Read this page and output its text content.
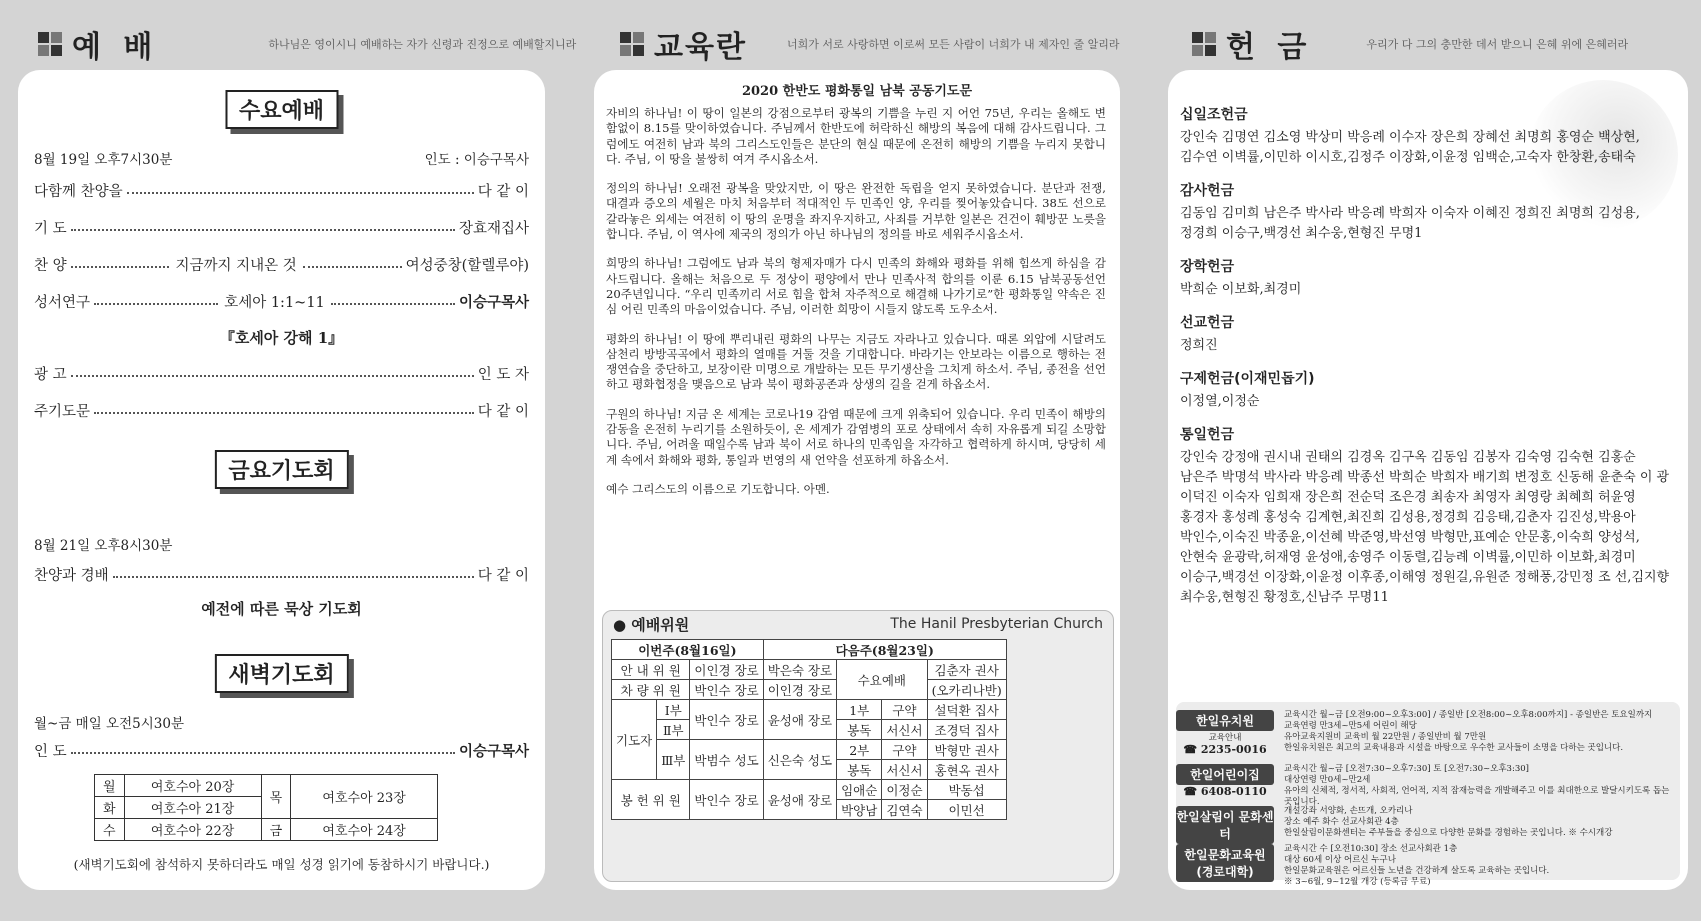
예 배	하나님은 영이시니 예배하는 자가 신령과 진정으로 예배할지니라	교육란	너희가 서로 사랑하면 이로써 모든 사람이 너희가 내 제자인 줄 알리라	헌 금	우리가 다 그의 충만한 데서 받으니 은혜 위에 은혜러라
수요예배
8월 19일 오후7시30분	인도 : 이승구목사
다함께 찬양을	다 같 이
기 도	장효재집사
찬 양	지금까지 지내온 것	여성중창(할렐루야)
성서연구	호세아 1:1~11	이승구목사
『호세아 강해 1』
광 고	인 도 자
주기도문	다 같 이
금요기도회
8월 21일 오후8시30분
찬양과 경배	다 같 이
예전에 따른 묵상 기도회
새벽기도회
월~금 매일 오전5시30분
인 도	이승구목사
월	여호수아 20장	목	여호수아 23장
화	여호수아 21장		
수	여호수아 22장	금	여호수아 24장
(새벽기도회에 참석하지 못하더라도 매일 성경 읽기에 동참하시기 바랍니다.)
2020 한반도 평화통일 남북 공동기도문

자비의 하나님! 이 땅이 일본의 강점으로부터 광복의 기쁨을 누린 지 어언 75년, 우리는 올해도 변함없이 8.15를 맞이하였습니다. 주님께서 한반도에 허락하신 해방의 복음에 대해 감사드립니다. 그럼에도 여전히 남과 북의 그리스도인들은 분단의 현실 때문에 온전히 해방의 기쁨을 누리지 못합니다. 주님, 이 땅을 불쌍히 여겨 주시옵소서.

정의의 하나님! 오래전 광복을 맞았지만, 이 땅은 완전한 독립을 얻지 못하였습니다. 분단과 전쟁, 대결과 증오의 세월은 마치 처음부터 적대적인 두 민족인 양, 우리를 찢어놓았습니다. 38도 선으로 갈라놓은 외세는 여전히 이 땅의 운명을 좌지우지하고, 사죄를 거부한 일본은 건건이 훼방꾼 노릇을 합니다. 주님, 이 역사에 제국의 정의가 아닌 하나님의 정의를 바로 세워주시옵소서.

희망의 하나님! 그럼에도 남과 북의 형제자매가 다시 민족의 화해와 평화를 위해 힘쓰게 하심을 감사드립니다. 올해는 처음으로 두 정상이 평양에서 만나 민족사적 합의를 이룬 6.15 남북공동선언 20주년입니다. “우리 민족끼리 서로 힘을 합쳐 자주적으로 해결해 나가기로”한 평화통일 약속은 진심 어린 민족의 마음이었습니다. 주님, 이러한 희망이 시들지 않도록 도우소서.

평화의 하나님! 이 땅에 뿌리내린 평화의 나무는 지금도 자라나고 있습니다. 때론 외압에 시달려도 삼천리 방방곡곡에서 평화의 열매를 거둘 것을 기대합니다. 바라기는 안보라는 이름으로 행하는 전쟁연습을 중단하고, 보장이란 미명으로 개발하는 모든 무기생산을 그치게 하소서. 주님, 종전을 선언하고 평화협정을 맺음으로 남과 북이 평화공존과 상생의 길을 걷게 하옵소서.

구원의 하나님! 지금 온 세계는 코로나19 감염 때문에 크게 위축되어 있습니다. 우리 민족이 해방의 감동을 온전히 누리기를 소원하듯이, 온 세계가 감염병의 포로 상태에서 속히 자유롭게 되길 소망합니다. 주님, 어려울 때일수록 남과 북이 서로 하나의 민족임을 자각하고 협력하게 하시며, 당당히 세계 속에서 화해와 평화, 통일과 번영의 새 언약을 선포하게 하옵소서.

예수 그리스도의 이름으로 기도합니다. 아멘.

● 예배위원	The Hanil Presbyterian Church
이번주(8월16일)			다음주(8월23일)			
안 내 위 원		이인경 장로	박은숙 장로	수요예배		김춘자 권사
차 량 위 원		박인수 장로	이인경 장로			(오카리나반)
기도자	Ⅰ부	박인수 장로	윤성애 장로	1부	구약	설덕환 집사
	Ⅱ부			봉독	서신서	조경덕 집사
	Ⅲ부	박범수 성도	신은숙 성도	2부	구약	박형만 권사
				봉독	서신서	홍현옥 권사
봉 헌 위 원		박인수 장로	윤성애 장로	임애순	이정순	박동섭
				박양남	김연숙	이민선
십일조헌금
강인숙 김명연 김소영 박상미 박응례 이수자 장은희 장혜선 최명희 홍영순 백상현,김수연 이벽률,이민하 이시호,김정주 이장화,이윤정 임백순,고숙자 한창환,송태숙
감사헌금
김동임 김미희 남은주 박사라 박응례 박희자 이숙자 이혜진 정희진 최명희 김성용,정경희 이승구,백경선 최수웅,현형진 무명1
장학헌금
박희순 이보화,최경미
선교헌금
정희진
구제헌금(이재민돕기)
이정열,이정순
통일헌금
강인숙 강정애 권시내 권태의 김경옥 김구옥 김동임 김봉자 김숙영 김숙현 김홍순 남은주 박명석 박사라 박응례 박종선 박희순 박희자 배기희 변정호 신동해 윤춘숙 이 광 이덕진 이숙자 임희재 장은희 전순덕 조은경 최송자 최영자 최영랑 최혜희 허윤영 홍경자 홍성례 홍성숙 김계현,최진희 김성용,정경희 김응태,김춘자 김진성,박용아 박인수,이숙진 박종윤,이선혜 박준영,박선영 박형만,표예순 안문홍,이숙희 양성석,안현숙 윤광락,허재영 윤성애,송영주 이동렬,김능례 이벽률,이민하 이보화,최경미 이승구,백경선 이장화,이윤정 이후종,이해영 정원길,유원준 정해풍,강민정 조 선,김지향 최수웅,현형진 황정호,신남주 무명11
한일유치원
교육안내
☎ 2235-0016
교육시간 월~금 [오전9:00~오후3:00] / 종일반 [오전8:00~오후8:00까지] - 종일반은 토요일까지
교육연령 만3세~만5세 어린이 해당
유아교육지원비 교육비 월 22만원 / 종일반비 월 7만원
한일유치원은 최고의 교육내용과 시설을 바탕으로 우수한 교사들이 소명을 다하는 곳입니다.
한일어린이집
☎ 6408-0110
교육시간 월~금 [오전7:30~오후7:30] 토 [오전7:30~오후3:30]
대상연령 만0세~만2세
유아의 신체적, 정서적, 사회적, 언어적, 지적 잠재능력을 개발해주고 이를 최대한으로 발달시키도록 돕는 곳입니다.
한일살림이 문화센터
개설강좌 서양화, 손뜨개, 오카리나
장소 예주 화수 선교사회관 4층
한일살림이문화센터는 주부들을 중심으로 다양한 문화를 경험하는 곳입니다. ※ 수시개강
한일문화교육원 (경로대학)
교육시간 수 [오전10:30] 장소 선교사회관 1층
대상 60세 이상 어르신 누구나
한일문화교육원은 어르신들 노년을 건강하게 살도록 교육하는 곳입니다.
※ 3~6월, 9~12월 개강 (등록금 무료)
